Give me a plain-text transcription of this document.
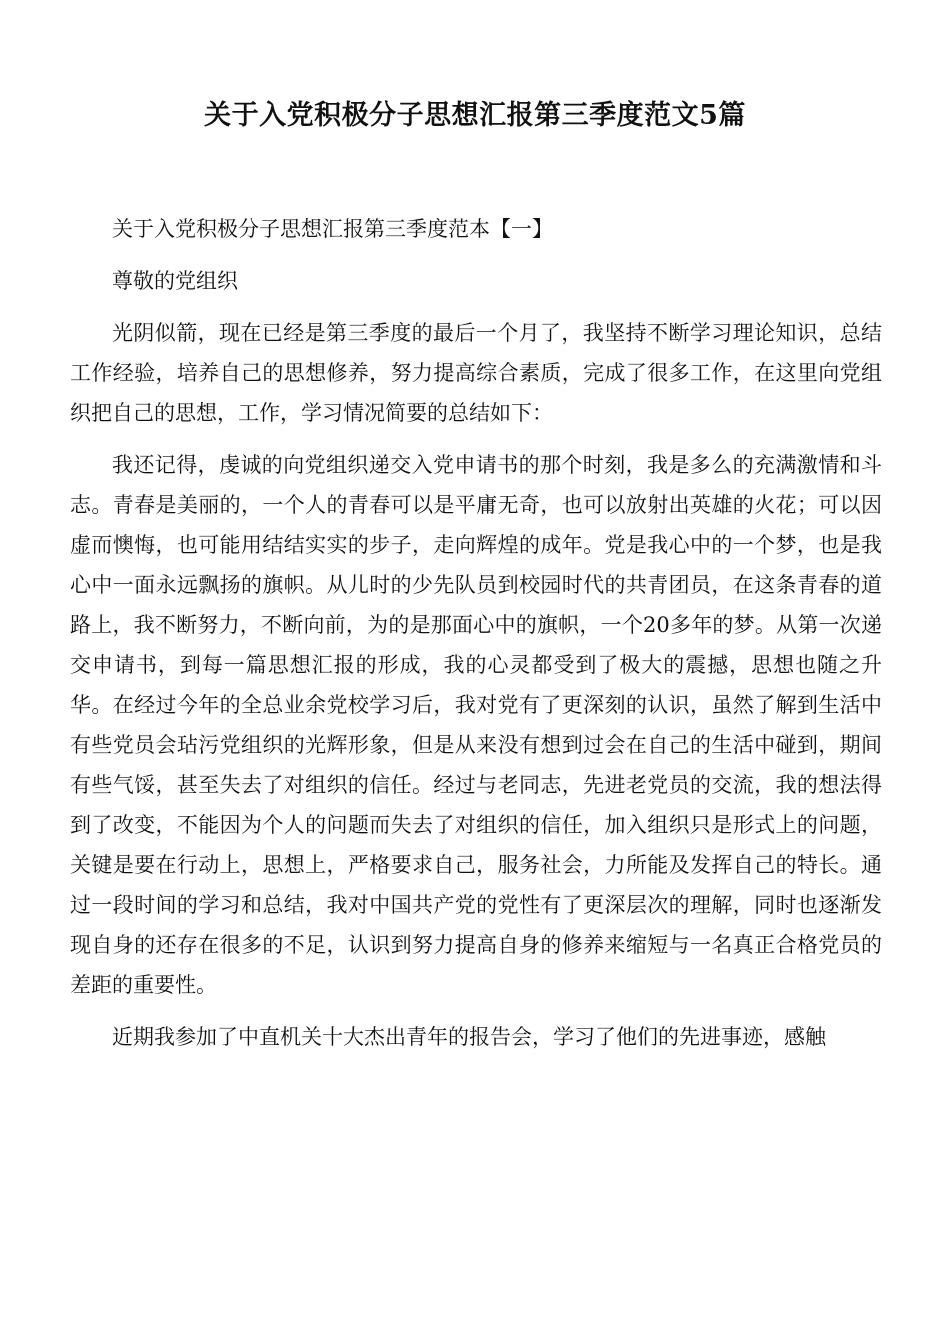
关于入党积极分子思想汇报第三季度范文5篇

关于入党积极分子思想汇报第三季度范本【一】

尊敬的党组织

光阴似箭，现在已经是第三季度的最后一个月了，我坚持不断学习理论知识，总结工作经验，培养自己的思想修养，努力提高综合素质，完成了很多工作，在这里向党组织把自己的思想，工作，学习情况简要的总结如下：

我还记得，虔诚的向党组织递交入党申请书的那个时刻，我是多么的充满激情和斗志。青春是美丽的，一个人的青春可以是平庸无奇，也可以放射出英雄的火花；可以因虚而懊悔，也可能用结结实实的步子，走向辉煌的成年。党是我心中的一个梦，也是我心中一面永远飘扬的旗帜。从儿时的少先队员到校园时代的共青团员，在这条青春的道路上，我不断努力，不断向前，为的是那面心中的旗帜，一个20多年的梦。从第一次递交申请书，到每一篇思想汇报的形成，我的心灵都受到了极大的震撼，思想也随之升华。在经过今年的全总业余党校学习后，我对党有了更深刻的认识，虽然了解到生活中有些党员会玷污党组织的光辉形象，但是从来没有想到过会在自己的生活中碰到，期间有些气馁，甚至失去了对组织的信任。经过与老同志，先进老党员的交流，我的想法得到了改变，不能因为个人的问题而失去了对组织的信任，加入组织只是形式上的问题，关键是要在行动上，思想上，严格要求自己，服务社会，力所能及发挥自己的特长。通过一段时间的学习和总结，我对中国共产党的党性有了更深层次的理解，同时也逐渐发现自身的还存在很多的不足，认识到努力提高自身的修养来缩短与一名真正合格党员的差距的重要性。

近期我参加了中直机关十大杰出青年的报告会，学习了他们的先进事迹，感触
